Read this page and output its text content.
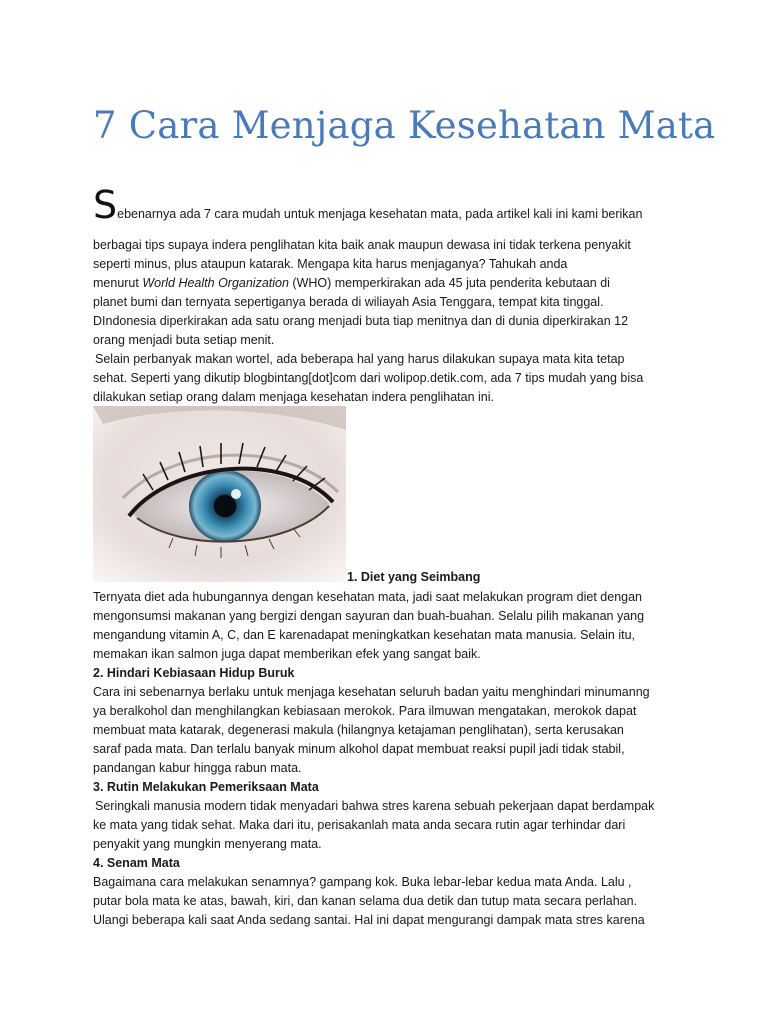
7 Cara Menjaga Kesehatan Mata
Sebenarnya ada 7 cara mudah untuk menjaga kesehatan mata, pada artikel kali ini kami berikan
berbagai tips supaya indera penglihatan kita baik anak maupun dewasa ini tidak terkena penyakit
seperti minus, plus ataupun katarak. Mengapa kita harus menjaganya? Tahukah anda
menurut World Health Organization (WHO) memperkirakan ada 45 juta penderita kebutaan di
planet bumi dan ternyata sepertiganya berada di wiliayah Asia Tenggara, tempat kita tinggal.
DIndonesia diperkirakan ada satu orang menjadi buta tiap menitnya dan di dunia diperkirakan 12
orang menjadi buta setiap menit.
Selain perbanyak makan wortel, ada beberapa hal yang harus dilakukan supaya mata kita tetap
sehat. Seperti yang dikutip blogbintang[dot]com dari wolipop.detik.com, ada 7 tips mudah yang bisa
dilakukan setiap orang dalam menjaga kesehatan indera penglihatan ini.
1. Diet yang Seimbang
Ternyata diet ada hubungannya dengan kesehatan mata, jadi saat melakukan program diet dengan
mengonsumsi makanan yang bergizi dengan sayuran dan buah-buahan. Selalu pilih makanan yang
mengandung vitamin A, C, dan E karenadapat meningkatkan kesehatan mata manusia. Selain itu,
memakan ikan salmon juga dapat memberikan efek yang sangat baik.
2. Hindari Kebiasaan Hidup Buruk
Cara ini sebenarnya berlaku untuk menjaga kesehatan seluruh badan yaitu menghindari minumanng
ya beralkohol dan menghilangkan kebiasaan merokok. Para ilmuwan mengatakan, merokok dapat
membuat mata katarak, degenerasi makula (hilangnya ketajaman penglihatan), serta kerusakan
saraf pada mata. Dan terlalu banyak minum alkohol dapat membuat reaksi pupil jadi tidak stabil,
pandangan kabur hingga rabun mata.
3. Rutin Melakukan Pemeriksaan Mata
Seringkali manusia modern tidak menyadari bahwa stres karena sebuah pekerjaan dapat berdampak
ke mata yang tidak sehat. Maka dari itu, perisakanlah mata anda secara rutin agar terhindar dari
penyakit yang mungkin menyerang mata.
4. Senam Mata
Bagaimana cara melakukan senamnya? gampang kok. Buka lebar-lebar kedua mata Anda. Lalu ,
putar bola mata ke atas, bawah, kiri, dan kanan selama dua detik dan tutup mata secara perlahan.
Ulangi beberapa kali saat Anda sedang santai. Hal ini dapat mengurangi dampak mata stres karena
